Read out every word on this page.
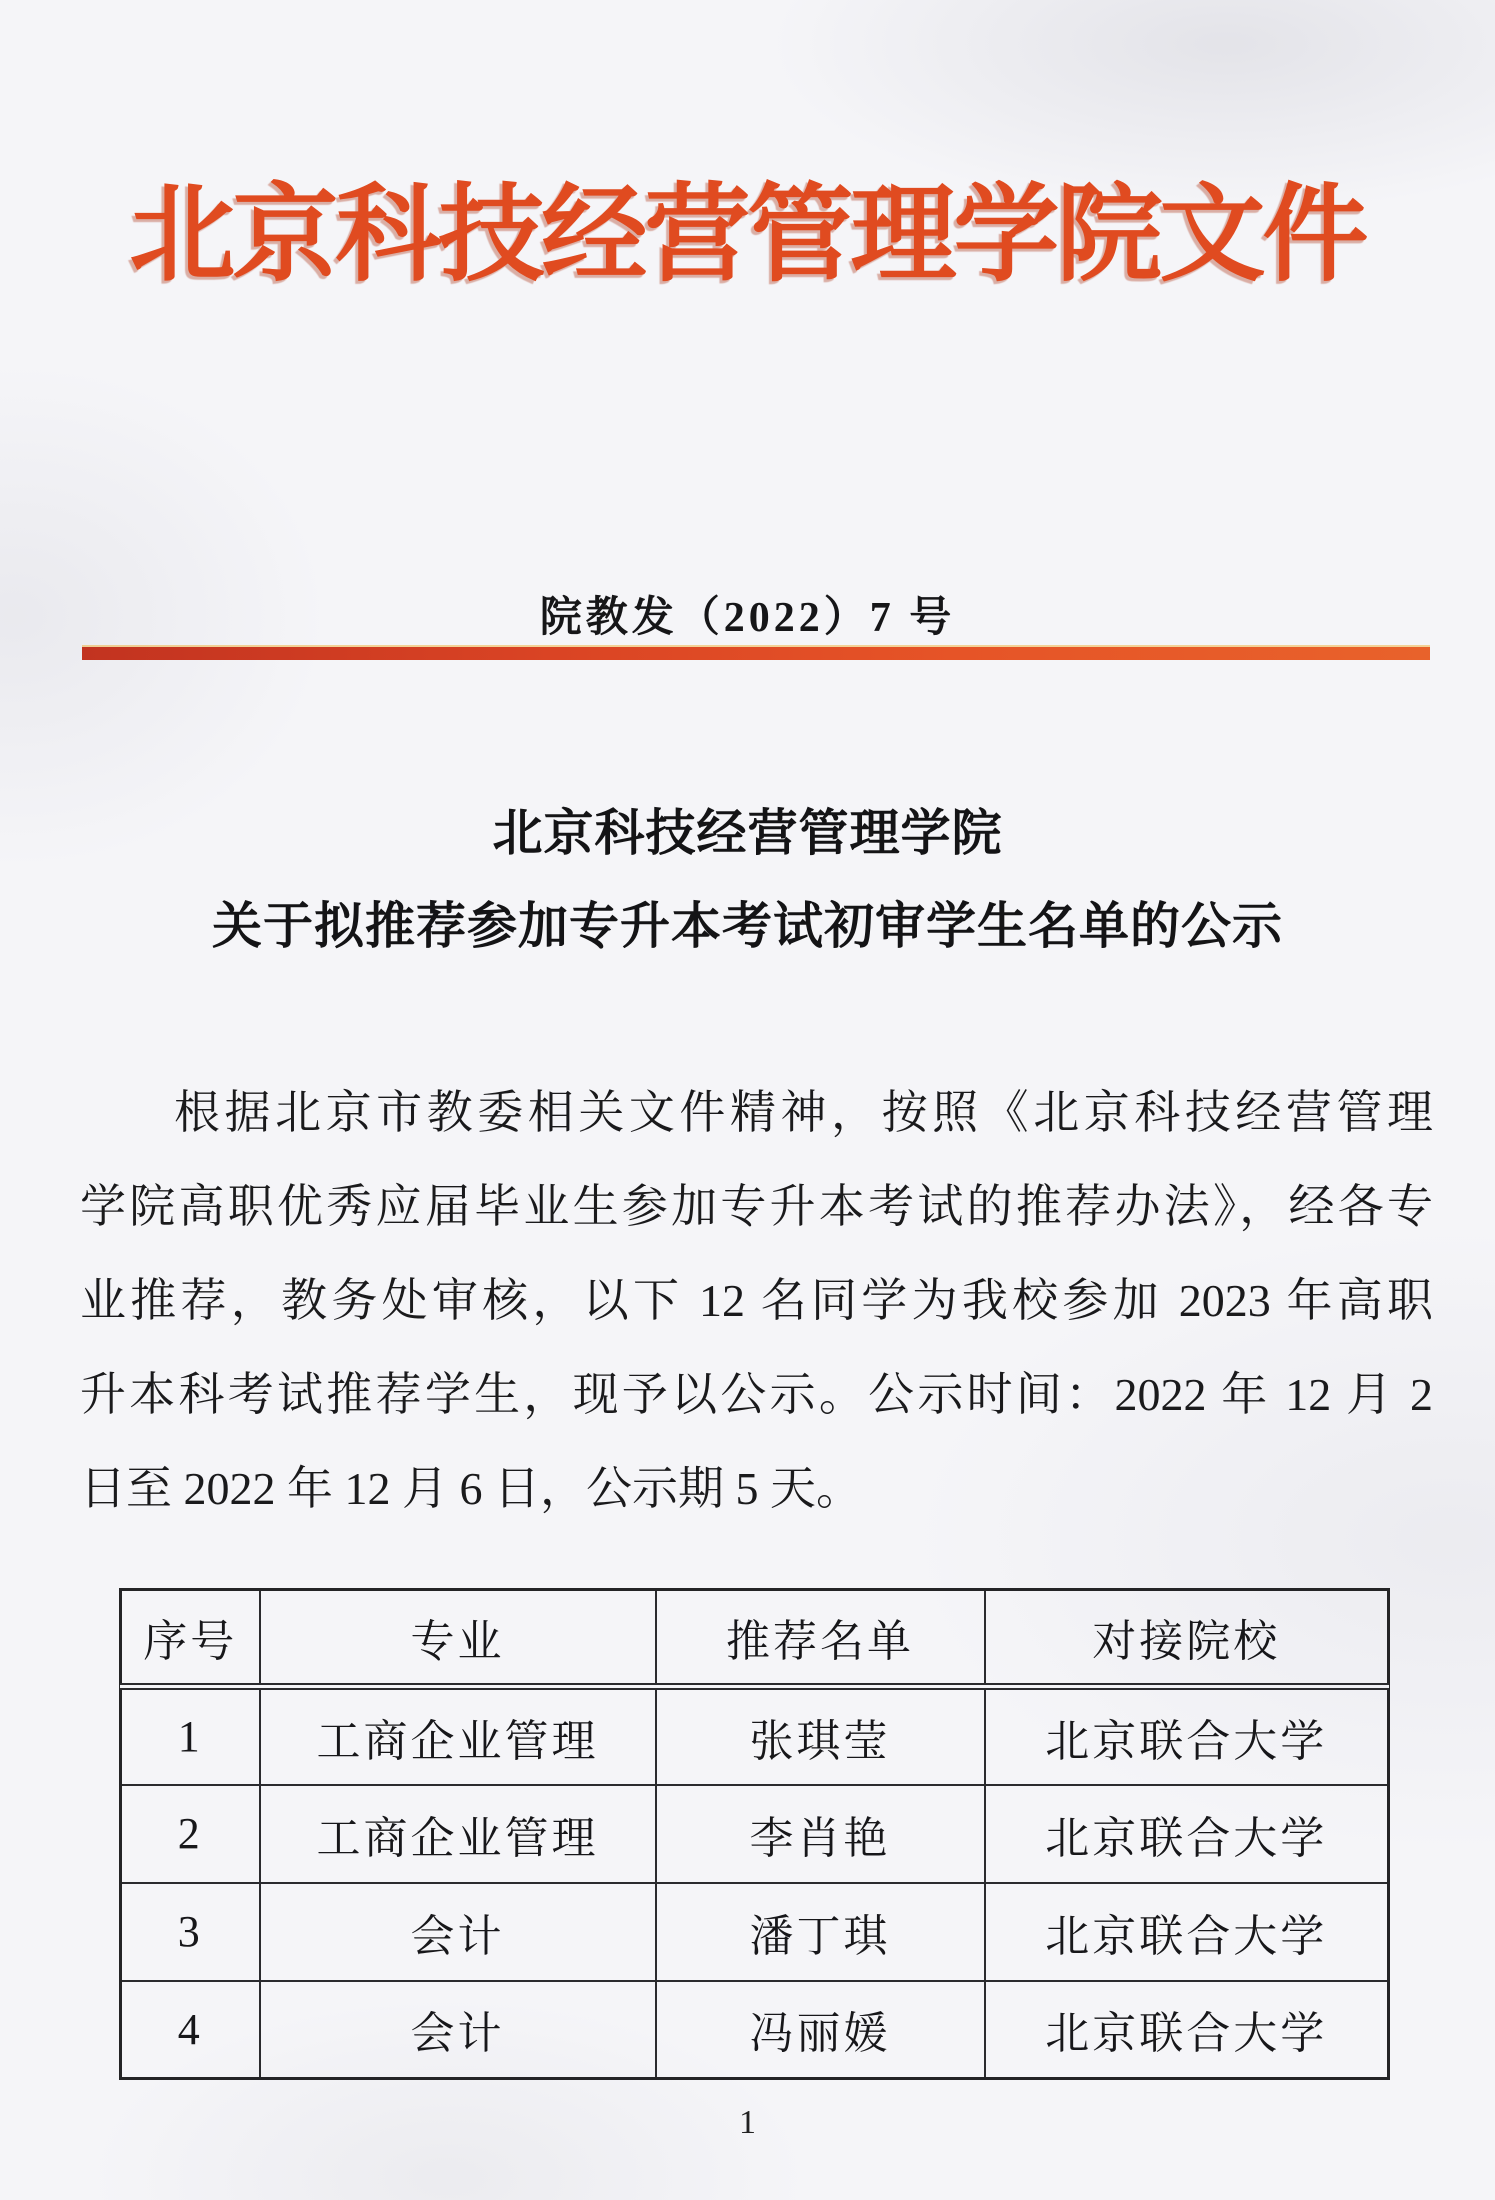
北京科技经营管理学院文件
院教发（2022）7 号
北京科技经营管理学院
关于拟推荐参加专升本考试初审学生名单的公示
根据北京市教委相关文件精神，按照《北京科技经营管理
学院高职优秀应届毕业生参加专升本考试的推荐办法》，经各专
业推荐，教务处审核，以下 12 名同学为我校参加 2023 年高职
升本科考试推荐学生，现予以公示。公示时间：2022 年 12 月 2
日至 2022 年 12 月 6 日，公示期 5 天。
序号	专业	推荐名单	对接院校
1	工商企业管理	张琪莹	北京联合大学
2	工商企业管理	李肖艳	北京联合大学
3	会计	潘丁琪	北京联合大学
4	会计	冯丽媛	北京联合大学
1
